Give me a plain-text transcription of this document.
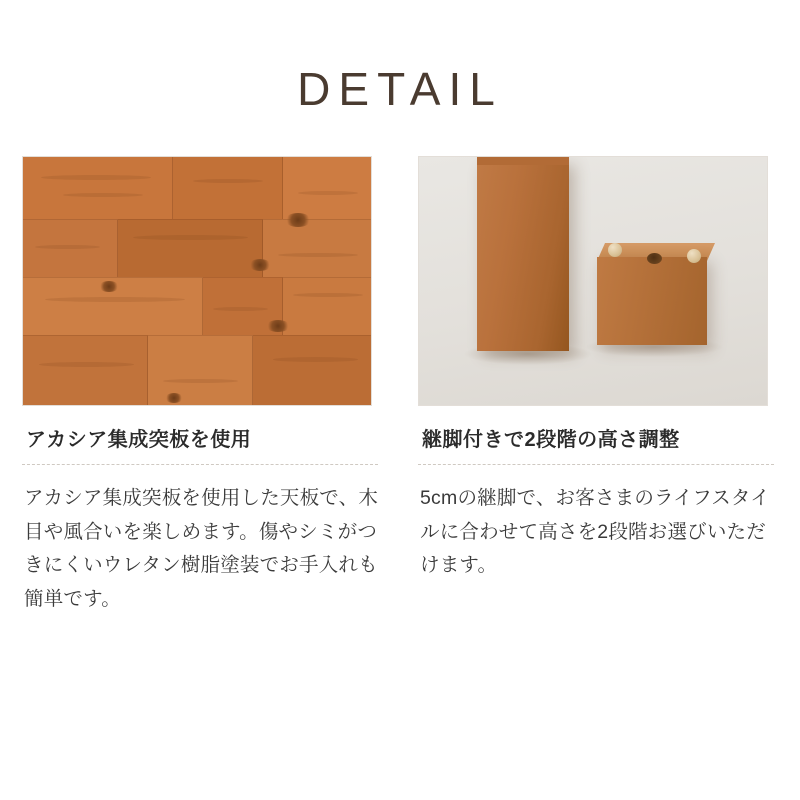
DETAIL
アカシア集成突板を使用
アカシア集成突板を使用した天板で、木目や風合いを楽しめます。傷やシミがつきにくいウレタン樹脂塗装でお手入れも簡単です。
継脚付きで2段階の高さ調整
5cmの継脚で、お客さまのライフスタイルに合わせて高さを2段階お選びいただけます。
